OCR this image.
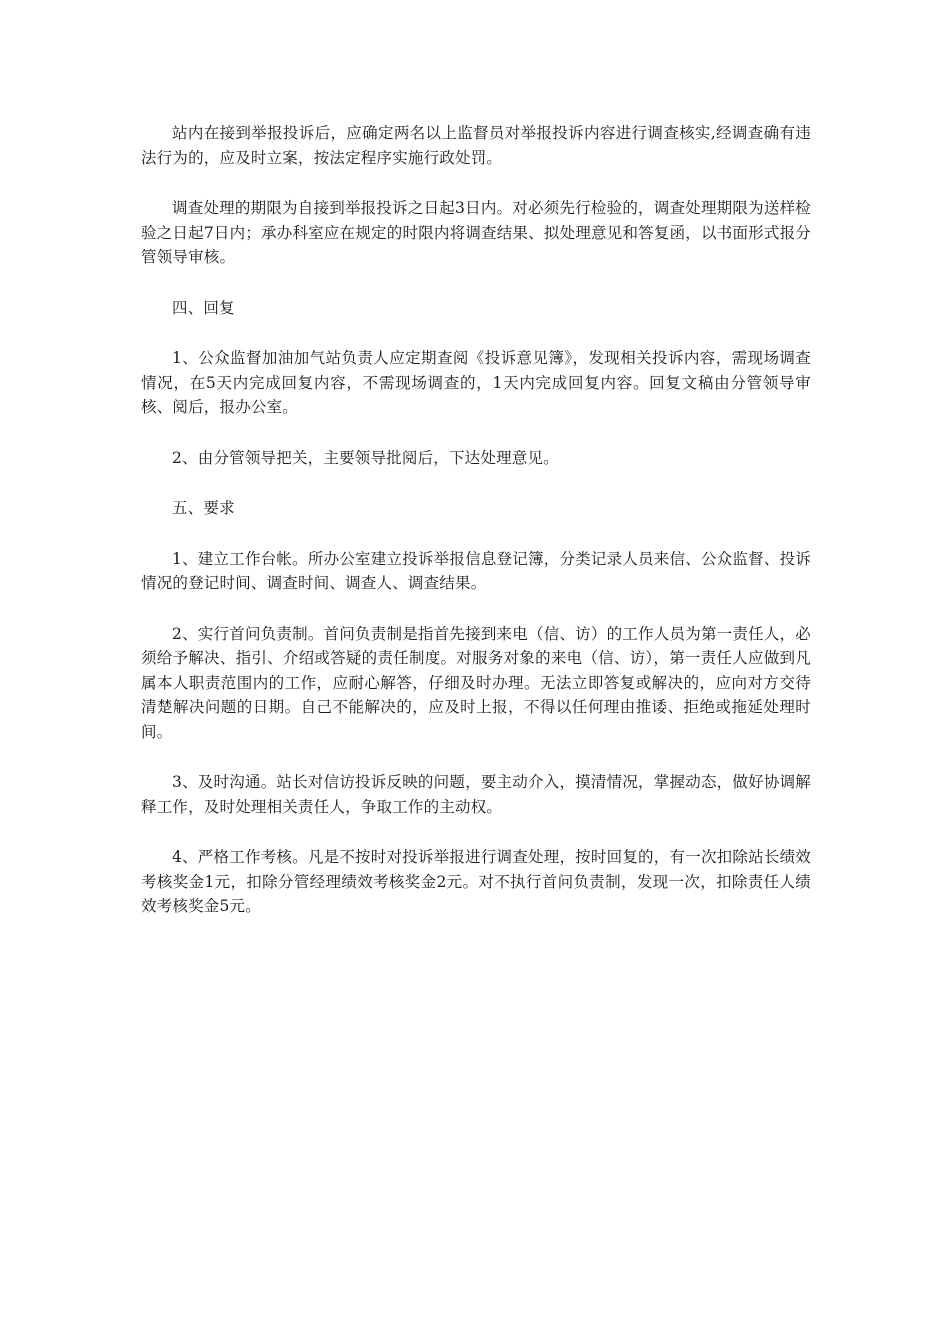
站内在接到举报投诉后，应确定两名以上监督员对举报投诉内容进行调查核实,经调查确有违法行为的，应及时立案，按法定程序实施行政处罚。

调查处理的期限为自接到举报投诉之日起3日内。对必须先行检验的，调查处理期限为送样检验之日起7日内；承办科室应在规定的时限内将调查结果、拟处理意见和答复函，以书面形式报分管领导审核。

四、回复

1、公众监督加油加气站负责人应定期查阅《投诉意见簿》，发现相关投诉内容，需现场调查情况，在5天内完成回复内容，不需现场调查的，1天内完成回复内容。回复文稿由分管领导审核、阅后，报办公室。

2、由分管领导把关，主要领导批阅后，下达处理意见。

五、要求

1、建立工作台帐。所办公室建立投诉举报信息登记簿，分类记录人员来信、公众监督、投诉情况的登记时间、调查时间、调查人、调查结果。

2、实行首问负责制。首问负责制是指首先接到来电（信、访）的工作人员为第一责任人，必须给予解决、指引、介绍或答疑的责任制度。对服务对象的来电（信、访），第一责任人应做到凡属本人职责范围内的工作，应耐心解答，仔细及时办理。无法立即答复或解决的，应向对方交待清楚解决问题的日期。自己不能解决的，应及时上报，不得以任何理由推诿、拒绝或拖延处理时间。

3、及时沟通。站长对信访投诉反映的问题，要主动介入，摸清情况，掌握动态，做好协调解释工作，及时处理相关责任人，争取工作的主动权。

4、严格工作考核。凡是不按时对投诉举报进行调查处理，按时回复的，有一次扣除站长绩效考核奖金1元，扣除分管经理绩效考核奖金2元。对不执行首问负责制，发现一次，扣除责任人绩效考核奖金5元。
